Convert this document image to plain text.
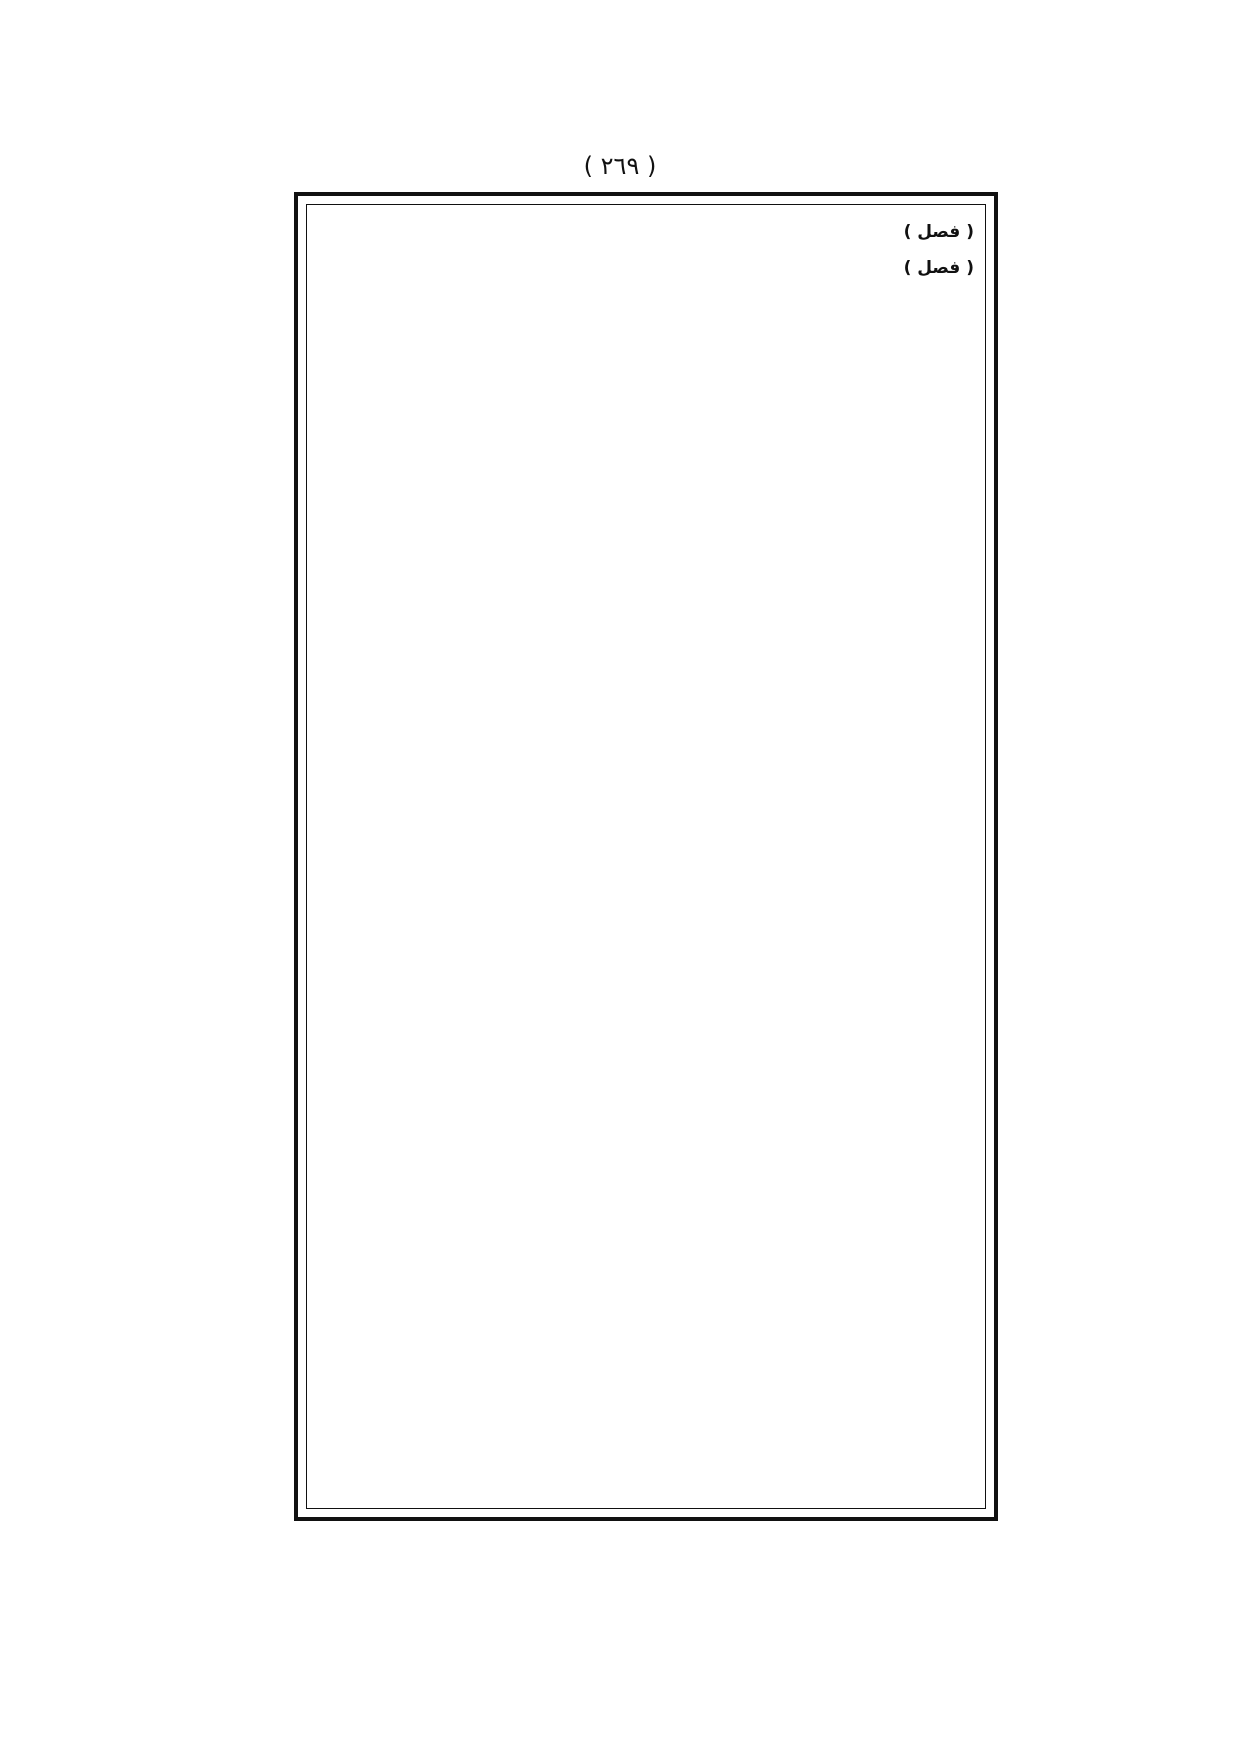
( ٢٦٩ )
( فصل )
( فصل )
